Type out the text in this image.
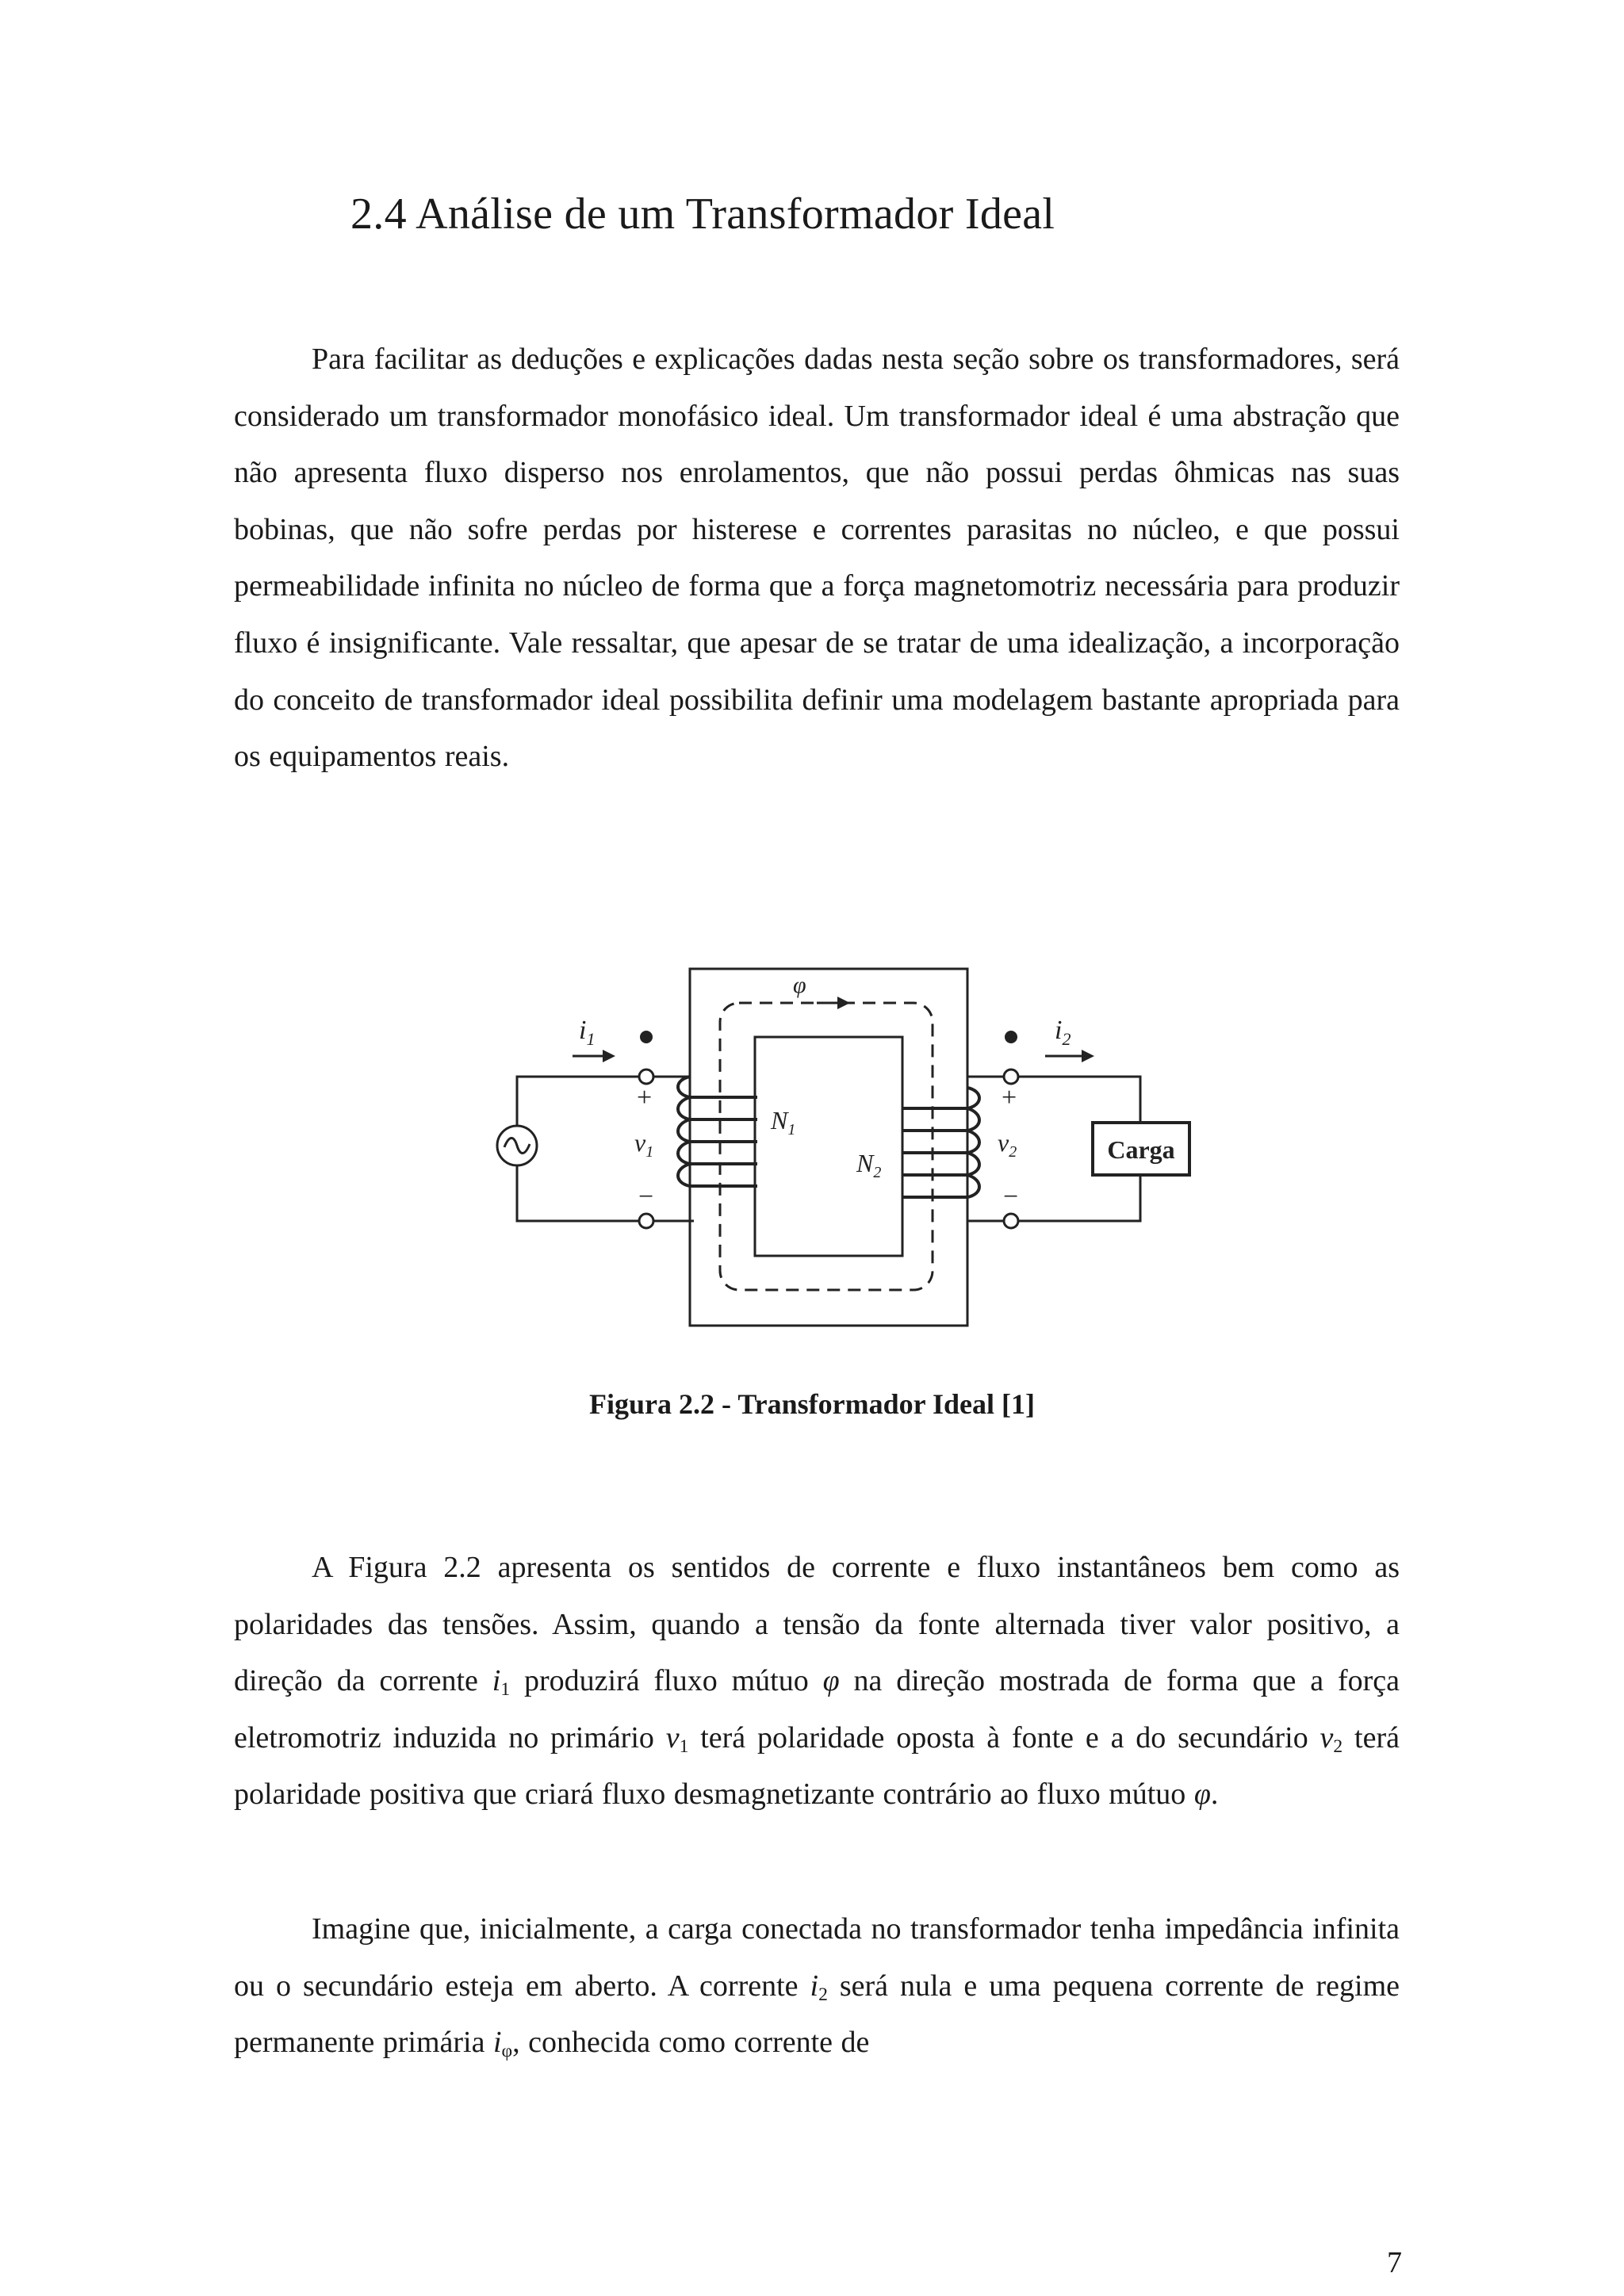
2.4 Análise de um Transformador Ideal

Para facilitar as deduções e explicações dadas nesta seção sobre os transformadores, será considerado um transformador monofásico ideal. Um transformador ideal é uma abstração que não apresenta fluxo disperso nos enrolamentos, que não possui perdas ôhmicas nas suas bobinas, que não sofre perdas por histerese e correntes parasitas no núcleo, e que possui permeabilidade infinita no núcleo de forma que a força magnetomotriz necessária para produzir fluxo é insignificante. Vale ressaltar, que apesar de se tratar de uma idealização, a incorporação do conceito de transformador ideal possibilita definir uma modelagem bastante apropriada para os equipamentos reais.

$i_1$	$i_2$
φ
+	+
−	−
$v_1$	$v_2$
$N_1$
$N_2$
Carga
Figura 2.2 - Transformador Ideal [1]

A Figura 2.2 apresenta os sentidos de corrente e fluxo instantâneos bem como as polaridades das tensões. Assim, quando a tensão da fonte alternada tiver valor positivo, a direção da corrente $i_1$ produzirá fluxo mútuo φ na direção mostrada de forma que a força eletromotriz induzida no primário $v_1$ terá polaridade oposta à fonte e a do secundário $v_2$ terá polaridade positiva que criará fluxo desmagnetizante contrário ao fluxo mútuo φ.

Imagine que, inicialmente, a carga conectada no transformador tenha impedância infinita ou o secundário esteja em aberto. A corrente $i_2$ será nula e uma pequena corrente de regime permanente primária $i_\varphi$, conhecida como corrente de

7
